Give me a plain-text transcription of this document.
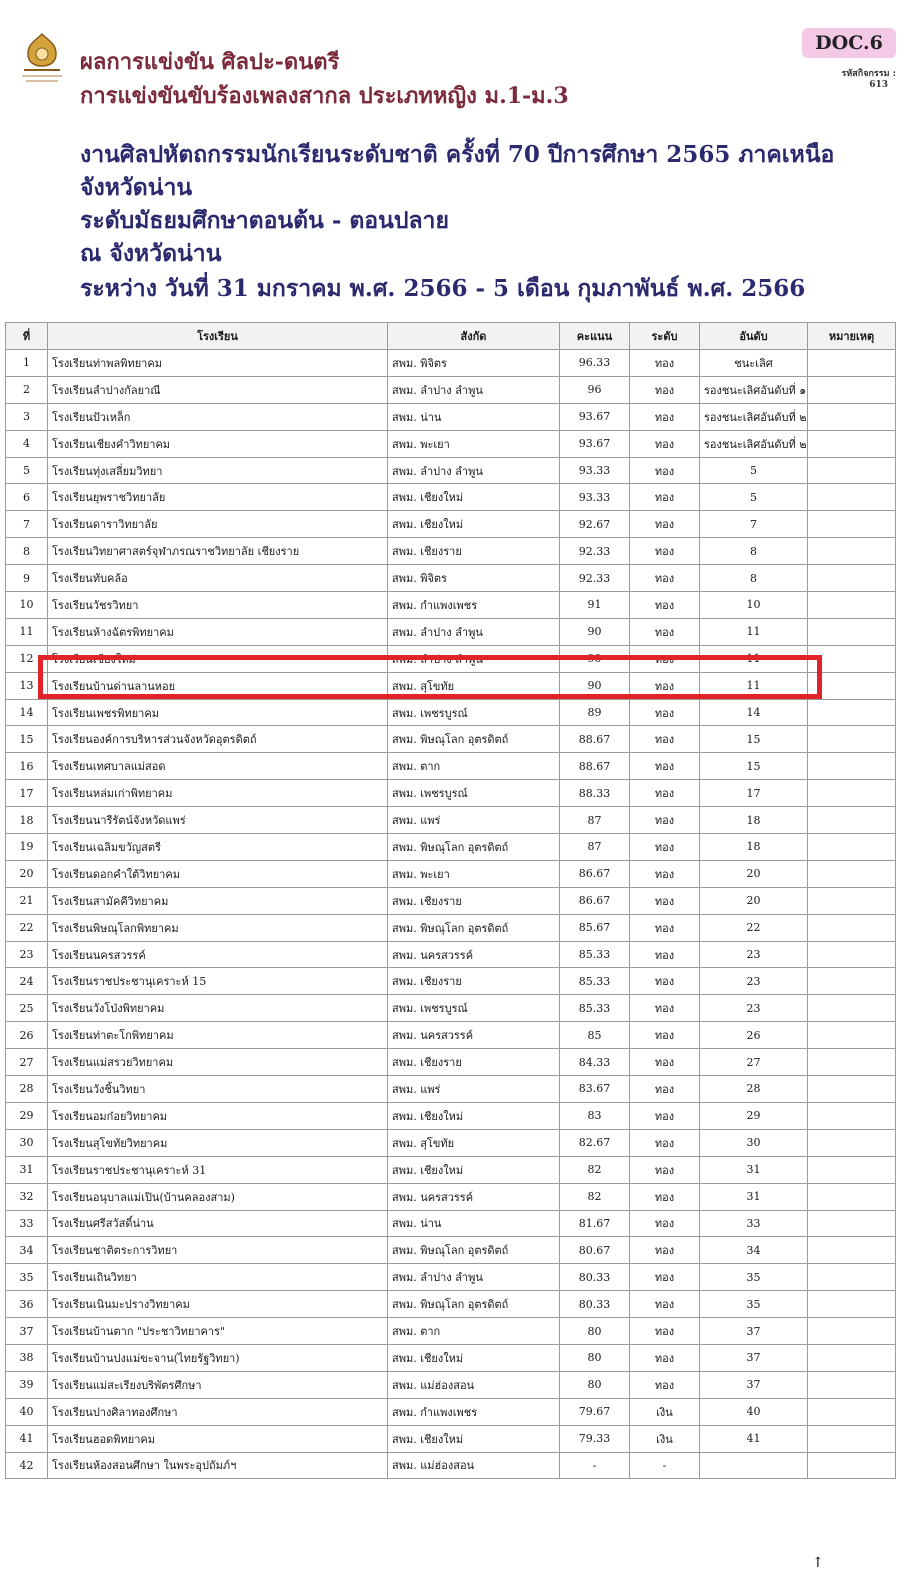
ผลการแข่งขัน ศิลปะ-ดนตรี
การแข่งขันขับร้องเพลงสากล ประเภทหญิง ม.1-ม.3
DOC.6
รหัสกิจกรรม :
613
งานศิลปหัตถกรรมนักเรียนระดับชาติ ครั้งที่ 70 ปีการศึกษา 2565 ภาคเหนือ
จังหวัดน่าน
ระดับมัธยมศึกษาตอนต้น - ตอนปลาย
ณ จังหวัดน่าน
ระหว่าง วันที่ 31 มกราคม พ.ศ. 2566 - 5 เดือน กุมภาพันธ์ พ.ศ. 2566
ที่	โรงเรียน	สังกัด	คะแนน	ระดับ	อันดับ	หมายเหตุ
1	โรงเรียนท่าพลพิทยาคม	สพม. พิจิตร	96.33	ทอง	ชนะเลิศ	
2	โรงเรียนลำปางกัลยาณี	สพม. ลำปาง ลำพูน	96	ทอง	รองชนะเลิศอันดับที่ ๑	
3	โรงเรียนปัวเหล็ก	สพม. น่าน	93.67	ทอง	รองชนะเลิศอันดับที่ ๒	
4	โรงเรียนเชียงคำวิทยาคม	สพม. พะเยา	93.67	ทอง	รองชนะเลิศอันดับที่ ๒	
5	โรงเรียนทุ่งเสลี่ยมวิทยา	สพม. ลำปาง ลำพูน	93.33	ทอง	5	
6	โรงเรียนยุพราชวิทยาลัย	สพม. เชียงใหม่	93.33	ทอง	5	
7	โรงเรียนดาราวิทยาลัย	สพม. เชียงใหม่	92.67	ทอง	7	
8	โรงเรียนวิทยาศาสตร์จุฬาภรณราชวิทยาลัย เชียงราย	สพม. เชียงราย	92.33	ทอง	8	
9	โรงเรียนทับคล้อ	สพม. พิจิตร	92.33	ทอง	8	
10	โรงเรียนวัชรวิทยา	สพม. กำแพงเพชร	91	ทอง	10	
11	โรงเรียนห้างฉัตรพิทยาคม	สพม. ลำปาง ลำพูน	90	ทอง	11	
12	โรงเรียนเชียงใหม่	สพม. ลำปาง ลำพูน	90	ทอง	11	
13	โรงเรียนบ้านด่านลานหอย	สพม. สุโขทัย	90	ทอง	11	
14	โรงเรียนเพชรพิทยาคม	สพม. เพชรบูรณ์	89	ทอง	14	
15	โรงเรียนองค์การบริหารส่วนจังหวัดอุตรดิตถ์	สพม. พิษณุโลก อุตรดิตถ์	88.67	ทอง	15	
16	โรงเรียนเทศบาลแม่สอด	สพม. ตาก	88.67	ทอง	15	
17	โรงเรียนหล่มเก่าพิทยาคม	สพม. เพชรบูรณ์	88.33	ทอง	17	
18	โรงเรียนนารีรัตน์จังหวัดแพร่	สพม. แพร่	87	ทอง	18	
19	โรงเรียนเฉลิมขวัญสตรี	สพม. พิษณุโลก อุตรดิตถ์	87	ทอง	18	
20	โรงเรียนดอกคำใต้วิทยาคม	สพม. พะเยา	86.67	ทอง	20	
21	โรงเรียนสามัคคีวิทยาคม	สพม. เชียงราย	86.67	ทอง	20	
22	โรงเรียนพิษณุโลกพิทยาคม	สพม. พิษณุโลก อุตรดิตถ์	85.67	ทอง	22	
23	โรงเรียนนครสวรรค์	สพม. นครสวรรค์	85.33	ทอง	23	
24	โรงเรียนราชประชานุเคราะห์ 15	สพม. เชียงราย	85.33	ทอง	23	
25	โรงเรียนวังโป่งพิทยาคม	สพม. เพชรบูรณ์	85.33	ทอง	23	
26	โรงเรียนท่าตะโกพิทยาคม	สพม. นครสวรรค์	85	ทอง	26	
27	โรงเรียนแม่สรวยวิทยาคม	สพม. เชียงราย	84.33	ทอง	27	
28	โรงเรียนวังชิ้นวิทยา	สพม. แพร่	83.67	ทอง	28	
29	โรงเรียนอมก๋อยวิทยาคม	สพม. เชียงใหม่	83	ทอง	29	
30	โรงเรียนสุโขทัยวิทยาคม	สพม. สุโขทัย	82.67	ทอง	30	
31	โรงเรียนราชประชานุเคราะห์ 31	สพม. เชียงใหม่	82	ทอง	31	
32	โรงเรียนอนุบาลแม่เปิน(บ้านคลองสาม)	สพม. นครสวรรค์	82	ทอง	31	
33	โรงเรียนศรีสวัสดิ์น่าน	สพม. น่าน	81.67	ทอง	33	
34	โรงเรียนชาติตระการวิทยา	สพม. พิษณุโลก อุตรดิตถ์	80.67	ทอง	34	
35	โรงเรียนเถินวิทยา	สพม. ลำปาง ลำพูน	80.33	ทอง	35	
36	โรงเรียนเนินมะปรางวิทยาคม	สพม. พิษณุโลก อุตรดิตถ์	80.33	ทอง	35	
37	โรงเรียนบ้านตาก "ประชาวิทยาคาร"	สพม. ตาก	80	ทอง	37	
38	โรงเรียนบ้านปงแม่ขะจาน(ไทยรัฐวิทยา)	สพม. เชียงใหม่	80	ทอง	37	
39	โรงเรียนแม่สะเรียงบริพัตรศึกษา	สพม. แม่ฮ่องสอน	80	ทอง	37	
40	โรงเรียนปางศิลาทองศึกษา	สพม. กำแพงเพชร	79.67	เงิน	40	
41	โรงเรียนฮอดพิทยาคม	สพม. เชียงใหม่	79.33	เงิน	41	
42	โรงเรียนห้องสอนศึกษา ในพระอุปถัมภ์ฯ	สพม. แม่ฮ่องสอน	-	-		
↑
